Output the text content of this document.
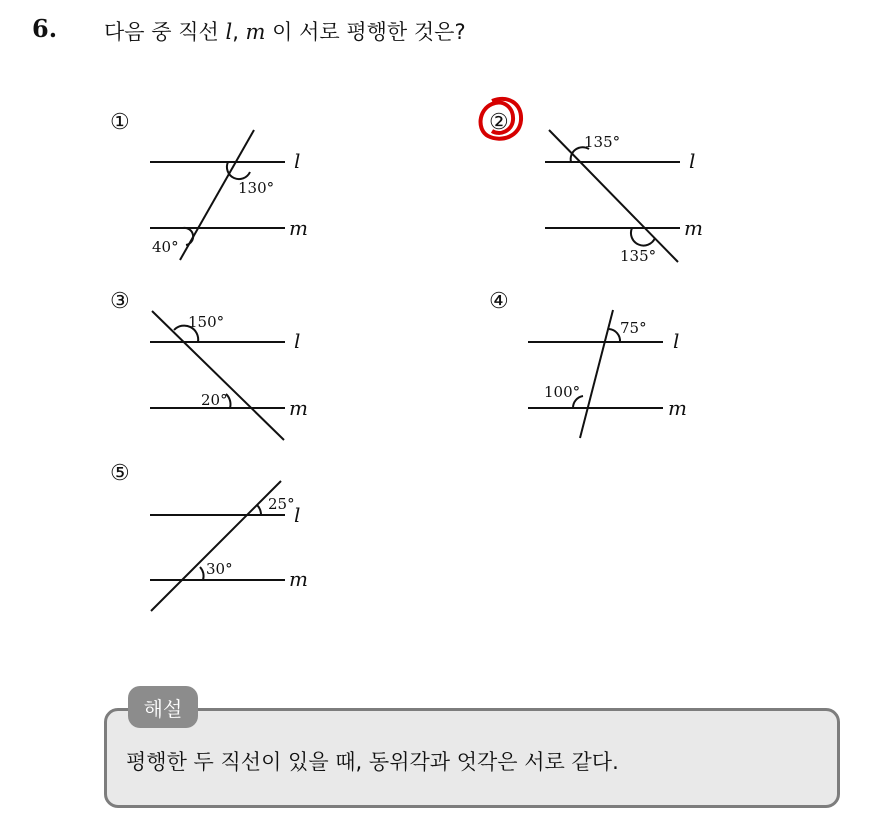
6. 다음 중 직선 l, m 이 서로 평행한 것은?
①	②
③	④
⑤
l
m
l
m
l
m
l
m
l
m
130°
40°
135°
135°
150°
20°
75°
100°
25°
30°
해설
평행한 두 직선이 있을 때, 동위각과 엇각은 서로 같다.
